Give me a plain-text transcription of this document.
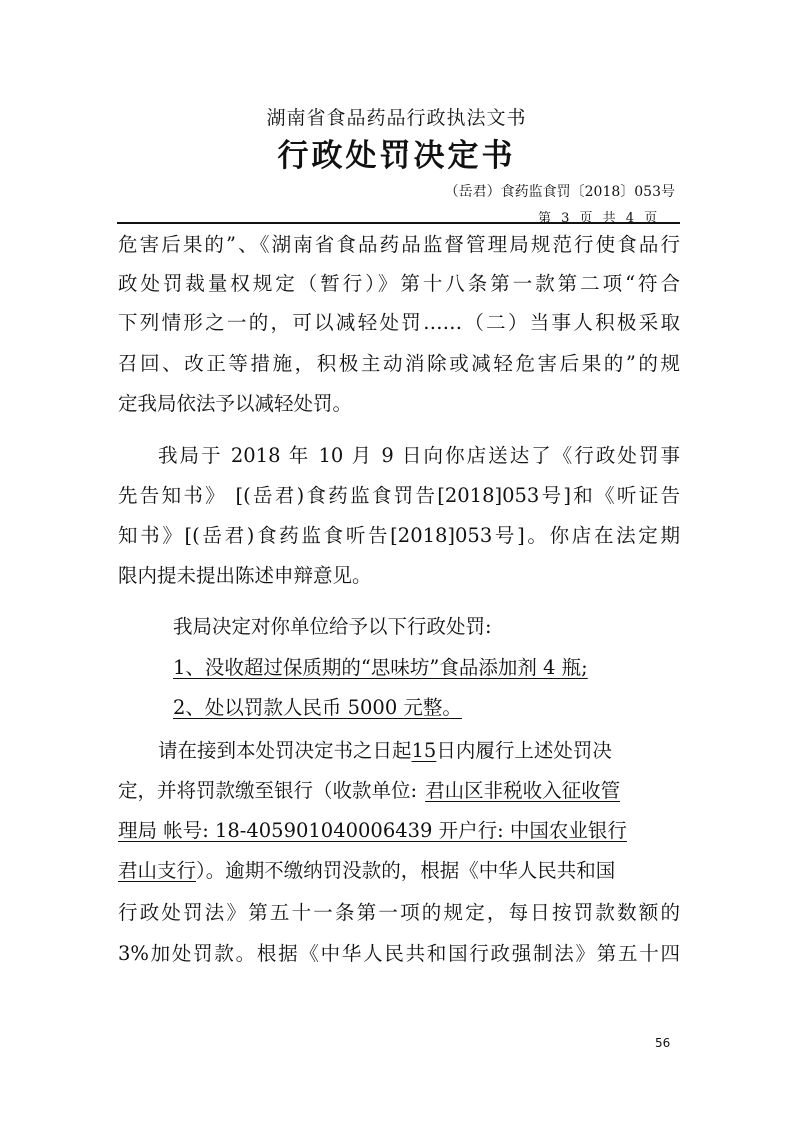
湖南省食品药品行政执法文书
行政处罚决定书
（岳君）食药监食罚〔2018〕053号
第 3 页 共 4 页
危害后果的”、《湖南省食品药品监督管理局规范行使食品行
政处罚裁量权规定（暂行）》第十八条第一款第二项“符合
下列情形之一的，可以减轻处罚……（二）当事人积极采取
召回、改正等措施，积极主动消除或减轻危害后果的”的规
定我局依法予以减轻处罚。
我局于 2018 年 10 月 9 日向你店送达了《行政处罚事
先告知书》 [(岳君)食药监食罚告[2018]053号]和《听证告
知书》[(岳君)食药监食听告[2018]053号]。你店在法定期
限内提未提出陈述申辩意见。
我局决定对你单位给予以下行政处罚:
1、没收超过保质期的“思味坊”食品添加剂 4 瓶;
2、处以罚款人民币 5000 元整。
请在接到本处罚决定书之日起15日内履行上述处罚决
定，并将罚款缴至银行（收款单位: 君山区非税收入征收管
理局 帐号: 18-405901040006439 开户行: 中国农业银行
君山支行）。逾期不缴纳罚没款的，根据《中华人民共和国
行政处罚法》第五十一条第一项的规定，每日按罚款数额的
3%加处罚款。根据《中华人民共和国行政强制法》第五十四
56
